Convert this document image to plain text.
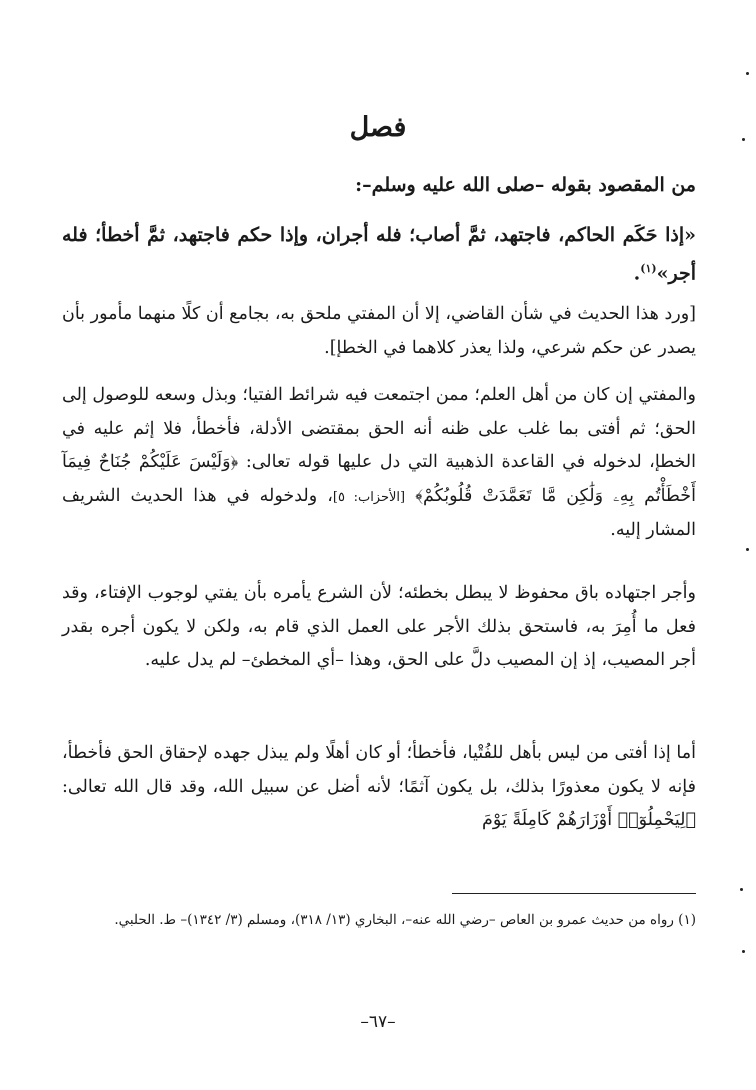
فصل
من المقصود بقوله –صلى الله عليه وسلم–:
«إذا حَكَم الحاكم، فاجتهد، ثمَّ أصاب؛ فله أجران، وإذا حكم فاجتهد، ثمَّ أخطأ؛ فله أجر»$^{(١)}$.
[ورد هذا الحديث في شأن القاضي، إلا أن المفتي ملحق به، بجامع أن كلًا منهما مأمور بأن يصدر عن حكم شرعي، ولذا يعذر كلاهما في الخطإ].
والمفتي إن كان من أهل العلم؛ ممن اجتمعت فيه شرائط الفتيا؛ وبذل وسعه للوصول إلى الحق؛ ثم أفتى بما غلب على ظنه أنه الحق بمقتضى الأدلة، فأخطأ، فلا إثم عليه في الخطإ، لدخوله في القاعدة الذهبية التي دل عليها قوله تعالى: ﴿وَلَيْسَ عَلَيْكُمْ جُنَاحٌ فِيمَآ أَخْطَأْتُم بِهِۦ وَلَٰكِن مَّا تَعَمَّدَتْ قُلُوبُكُمْ﴾ [الأحزاب: ٥]، ولدخوله في هذا الحديث الشريف المشار إليه.
وأجر اجتهاده باق محفوظ لا يبطل بخطئه؛ لأن الشرع يأمره بأن يفتي لوجوب الإفتاء، وقد فعل ما أُمِرَ به، فاستحق بذلك الأجر على العمل الذي قام به، ولكن لا يكون أجره بقدر أجر المصيب، إذ إن المصيب دلَّ على الحق، وهذا –أي المخطئ– لم يدل عليه.
أما إذا أفتى من ليس بأهل للفُتْيا، فأخطأ؛ أو كان أهلًا ولم يبذل جهده لإحقاق الحق فأخطأ، فإنه لا يكون معذورًا بذلك، بل يكون آثمًا؛ لأنه أضل عن سبيل الله، وقد قال الله تعالى: ﴿لِيَحْمِلُوٓا۟ أَوْزَارَهُمْ كَامِلَةً يَوْمَ
(١) رواه من حديث عمرو بن العاص –رضي الله عنه–، البخاري (١٣/ ٣١٨)، ومسلم (٣/ ١٣٤٢)– ط. الحلبي.
–٦٧–
